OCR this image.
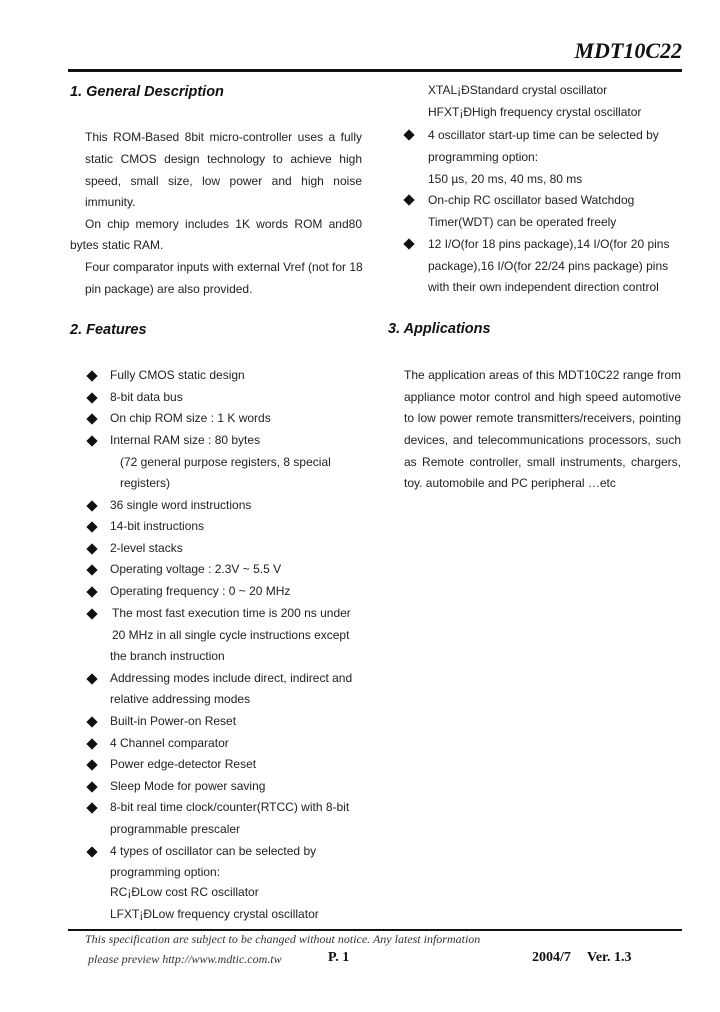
MDT10C22
1. General Description
This ROM-Based 8bit micro-controller uses a fully
static CMOS design technology to achieve high
speed, small size, low power and high noise
immunity.
On chip memory includes 1K words ROM and80
bytes static RAM.
Four comparator inputs with external Vref (not for 18
pin package) are also provided.
2. Features
Fully CMOS static design
8-bit data bus
On chip ROM size : 1 K words
Internal RAM size : 80 bytes
(72 general purpose registers, 8 special
registers)
36 single word instructions
14-bit instructions
2-level stacks
Operating voltage : 2.3V ~ 5.5 V
Operating frequency : 0 ~ 20 MHz
The most fast execution time is 200 ns under
20 MHz in all single cycle instructions except
the branch instruction
Addressing modes include direct, indirect and
relative addressing modes
Built-in Power-on Reset
4 Channel comparator
Power edge-detector Reset
Sleep Mode for power saving
8-bit real time clock/counter(RTCC) with 8-bit
programmable prescaler
4 types of oscillator can be selected by
programming option:
RC¡ÐLow cost RC oscillator
LFXT¡ÐLow frequency crystal oscillator
XTAL¡ÐStandard crystal oscillator
HFXT¡ÐHigh frequency crystal oscillator
4 oscillator start-up time can be selected by
programming option:
150 µs, 20 ms, 40 ms, 80 ms
On-chip RC oscillator based Watchdog
Timer(WDT) can be operated freely
12 I/O(for 18 pins package),14 I/O(for 20 pins
package),16 I/O(for 22/24 pins package) pins
with their own independent direction control
3. Applications
The application areas of this MDT10C22 range from
appliance motor control and high speed automotive
to low power remote transmitters/receivers, pointing
devices, and telecommunications processors, such
as Remote controller, small instruments, chargers,
toy. automobile and PC peripheral …etc
This specification are subject to be changed without notice. Any latest information
please preview http://www.mdtic.com.tw	P. 1	2004/7 Ver. 1.3
